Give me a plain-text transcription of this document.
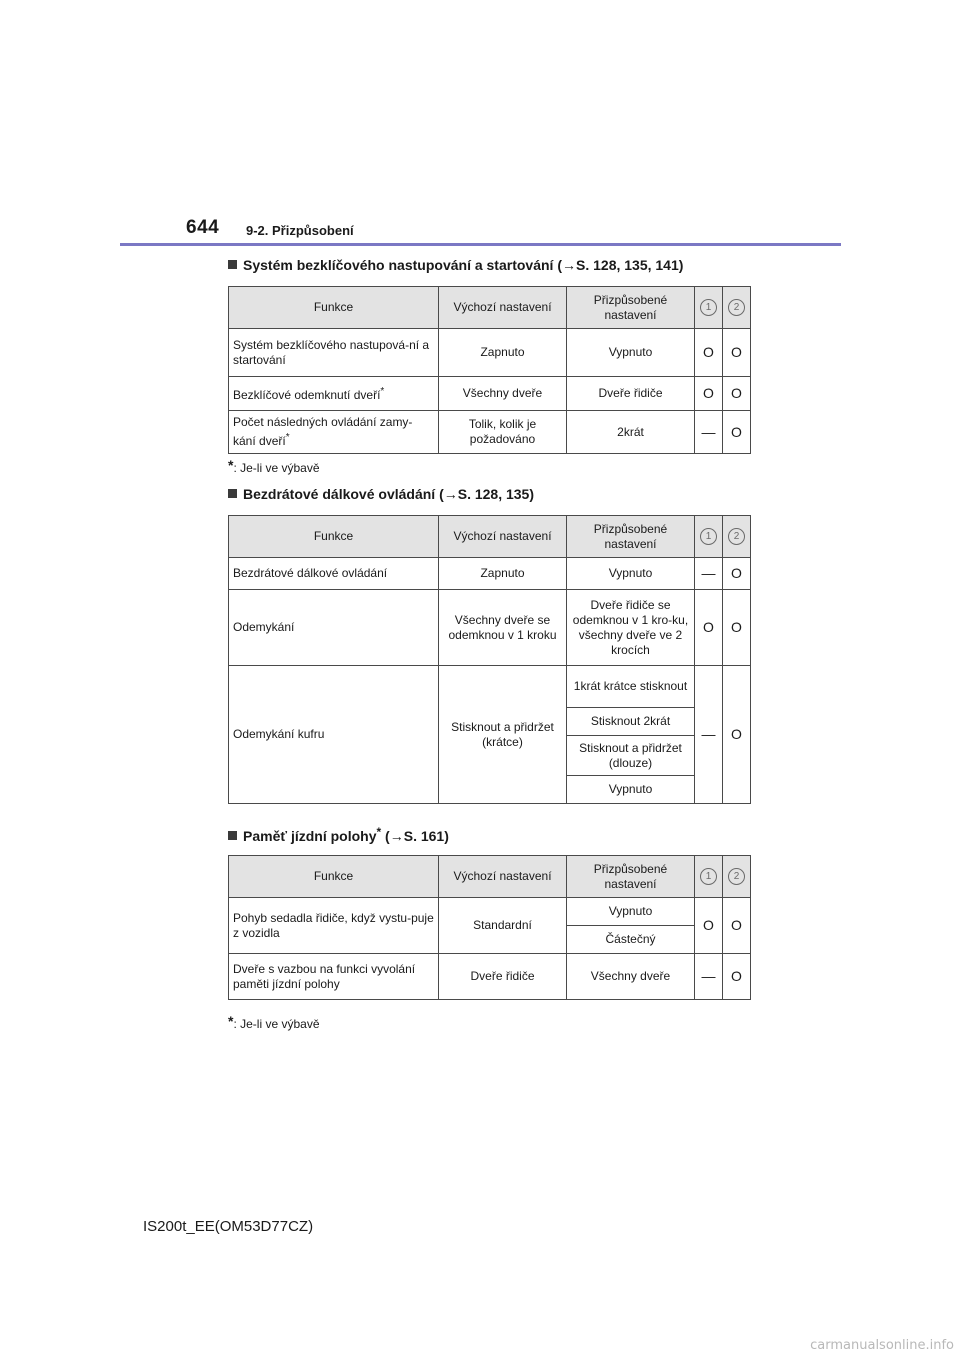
644 9-2. Přizpůsobení
Systém bezklíčového nastupování a startování (→S. 128, 135, 141)
Funkce	Výchozí nastavení	Přizpůsobené nastavení	1	2
Systém bezklíčového nastupová-ní a startování	Zapnuto	Vypnuto	O	O
Bezklíčové odemknutí dveří*	Všechny dveře	Dveře řidiče	O	O
Počet následných ovládání zamy-kání dveří*	Tolik, kolik je požadováno	2krát	—	O
*: Je-li ve výbavě
Bezdrátové dálkové ovládání (→S. 128, 135)
Funkce	Výchozí nastavení	Přizpůsobené nastavení	1	2
Bezdrátové dálkové ovládání	Zapnuto	Vypnuto	—	O
Odemykání	Všechny dveře se odemknou v 1 kroku	Dveře řidiče se odemknou v 1 kro-ku, všechny dveře ve 2 krocích	O	O
Odemykání kufru	Stisknout a přidržet (krátce)	1krát krátce stisknout	—	O
		Stisknout 2krát		
		Stisknout a přidržet (dlouze)		
		Vypnuto		
Paměť jízdní polohy* (→S. 161)
Funkce	Výchozí nastavení	Přizpůsobené nastavení	1	2
Pohyb sedadla řidiče, když vystu-puje z vozidla	Standardní	Vypnuto	O	O
		Částečný		
Dveře s vazbou na funkci vyvolání paměti jízdní polohy	Dveře řidiče	Všechny dveře	—	O
*: Je-li ve výbavě
IS200t_EE(OM53D77CZ)
carmanualsonline.info
